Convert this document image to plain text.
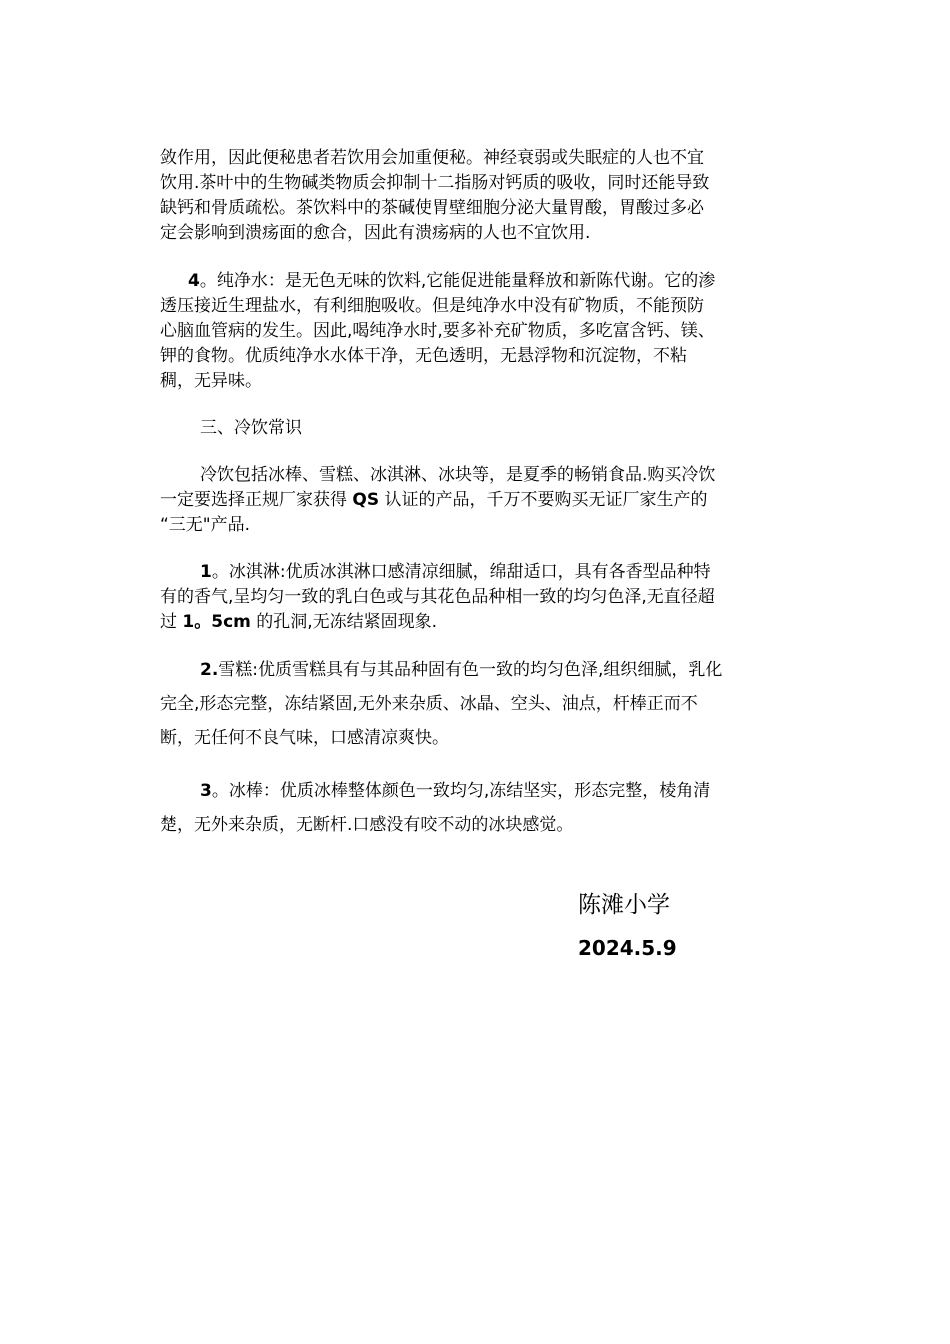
敛作用，因此便秘患者若饮用会加重便秘。神经衰弱或失眠症的人也不宜
饮用.茶叶中的生物碱类物质会抑制十二指肠对钙质的吸收，同时还能导致
缺钙和骨质疏松。茶饮料中的茶碱使胃壁细胞分泌大量胃酸，胃酸过多必
定会影响到溃疡面的愈合，因此有溃疡病的人也不宜饮用.
4。纯净水：是无色无味的饮料,它能促进能量释放和新陈代谢。它的渗
透压接近生理盐水，有利细胞吸收。但是纯净水中没有矿物质，不能预防
心脑血管病的发生。因此,喝纯净水时,要多补充矿物质，多吃富含钙、镁、
钾的食物。优质纯净水水体干净，无色透明，无悬浮物和沉淀物，不粘
稠，无异味。
三、冷饮常识
冷饮包括冰棒、雪糕、冰淇淋、冰块等，是夏季的畅销食品.购买冷饮
一定要选择正规厂家获得 QS 认证的产品，千万不要购买无证厂家生产的
“三无"产品.
1。冰淇淋:优质冰淇淋口感清凉细腻，绵甜适口，具有各香型品种特
有的香气,呈均匀一致的乳白色或与其花色品种相一致的均匀色泽,无直径超
过 1。5cm 的孔洞,无冻结紧固现象.
2.雪糕:优质雪糕具有与其品种固有色一致的均匀色泽,组织细腻，乳化
完全,形态完整，冻结紧固,无外来杂质、冰晶、空头、油点，杆棒正而不
断，无任何不良气味，口感清凉爽快。
3。冰棒：优质冰棒整体颜色一致均匀,冻结坚实，形态完整，棱角清
楚，无外来杂质，无断杆.口感没有咬不动的冰块感觉。
陈滩小学
2024.5.9
